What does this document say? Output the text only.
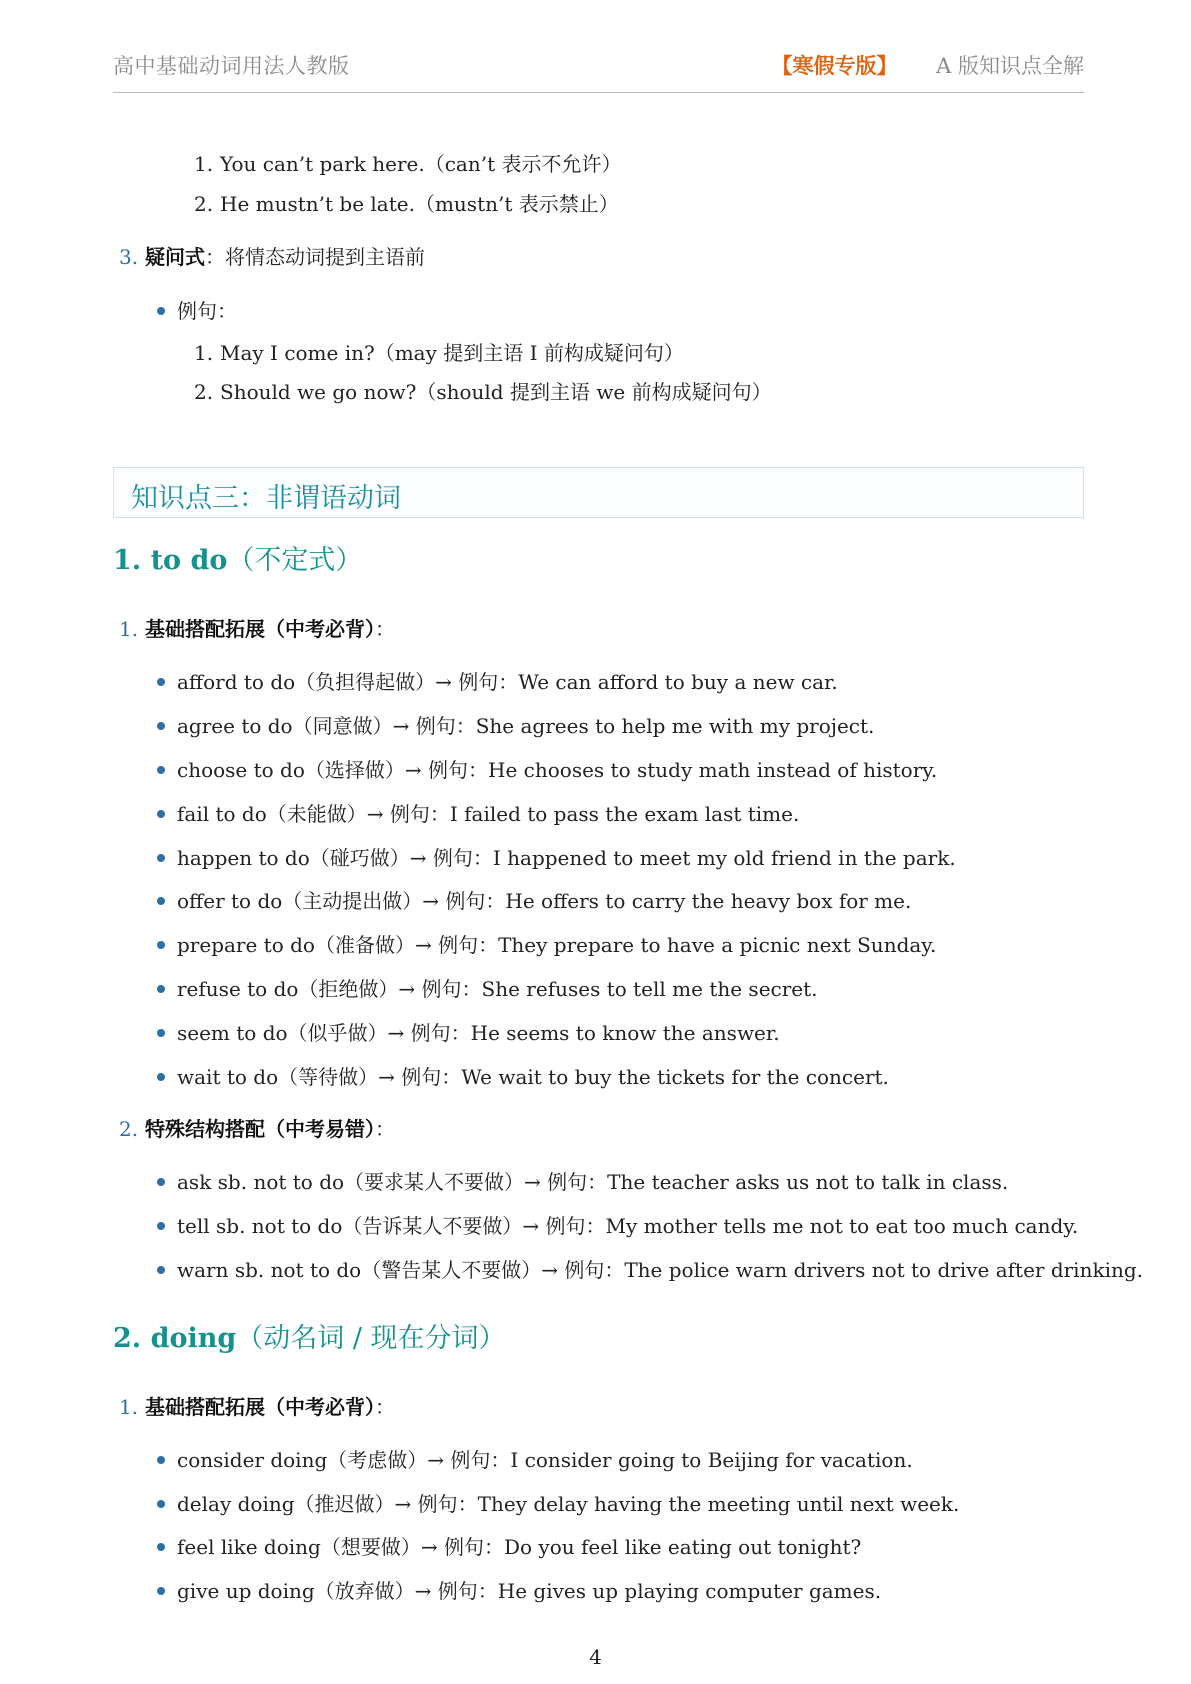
高中基础动词用法人教版	【寒假专版】 A 版知识点全解
1. You can’t park here.（can’t 表示不允许）
2. He mustn’t be late.（mustn’t 表示禁止）
3. 疑问式：将情态动词提到主语前
例句：
1. May I come in?（may 提到主语 I 前构成疑问句）
2. Should we go now?（should 提到主语 we 前构成疑问句）
知识点三：非谓语动词
1. to do（不定式）
1. 基础搭配拓展（中考必背）：
afford to do（负担得起做）→ 例句：We can afford to buy a new car.
agree to do（同意做）→ 例句：She agrees to help me with my project.
choose to do（选择做）→ 例句：He chooses to study math instead of history.
fail to do（未能做）→ 例句：I failed to pass the exam last time.
happen to do（碰巧做）→ 例句：I happened to meet my old friend in the park.
offer to do（主动提出做）→ 例句：He offers to carry the heavy box for me.
prepare to do（准备做）→ 例句：They prepare to have a picnic next Sunday.
refuse to do（拒绝做）→ 例句：She refuses to tell me the secret.
seem to do（似乎做）→ 例句：He seems to know the answer.
wait to do（等待做）→ 例句：We wait to buy the tickets for the concert.
2. 特殊结构搭配（中考易错）：
ask sb. not to do（要求某人不要做）→ 例句：The teacher asks us not to talk in class.
tell sb. not to do（告诉某人不要做）→ 例句：My mother tells me not to eat too much candy.
warn sb. not to do（警告某人不要做）→ 例句：The police warn drivers not to drive after drinking.
2. doing（动名词 / 现在分词）
1. 基础搭配拓展（中考必背）：
consider doing（考虑做）→ 例句：I consider going to Beijing for vacation.
delay doing（推迟做）→ 例句：They delay having the meeting until next week.
feel like doing（想要做）→ 例句：Do you feel like eating out tonight?
give up doing（放弃做）→ 例句：He gives up playing computer games.
4
